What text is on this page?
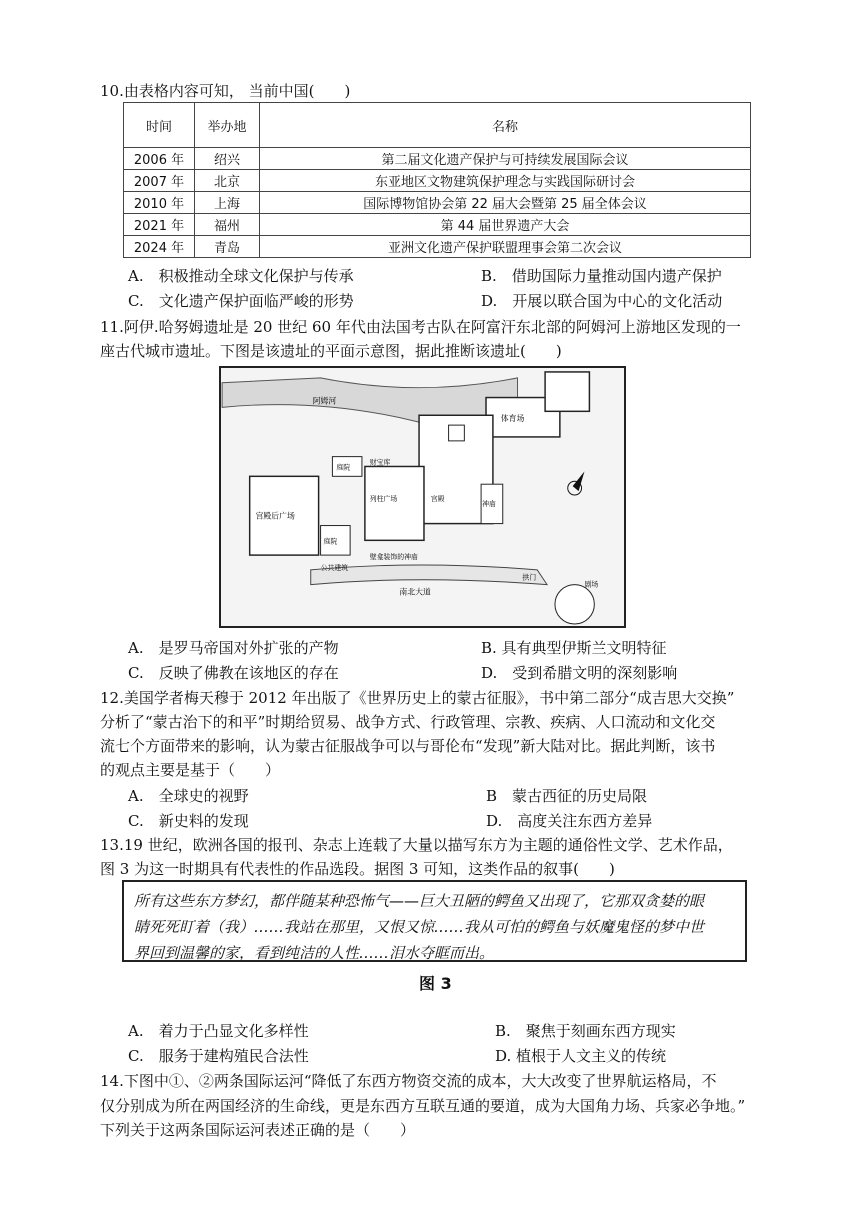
10.由表格内容可知， 当前中国(　　)
时间	举办地	名称
2006 年	绍兴	第二届文化遗产保护与可持续发展国际会议
2007 年	北京	东亚地区文物建筑保护理念与实践国际研讨会
2010 年	上海	国际博物馆协会第 22 届大会暨第 25 届全体会议
2021 年	福州	第 44 届世界遗产大会
2024 年	青岛	亚洲文化遗产保护联盟理事会第二次会议
A.　积极推动全球文化保护与传承	B.　借助国际力量推动国内遗产保护
C.　文化遗产保护面临严峻的形势	D.　开展以联合国为中心的文化活动
11.阿伊.哈努姆遗址是 20 世纪 60 年代由法国考古队在阿富汗东北部的阿姆河上游地区发现的一
座古代城市遗址。下图是该遗址的平面示意图，据此推断该遗址(　　)
阿姆河
体育场
庭院
财宝库
宫殿后广场
庭院
列柱广场	宫殿
神庙
南北大道
拱门
剧场
公共建筑
壁龛装饰的神庙
A.　是罗马帝国对外扩张的产物	B. 具有典型伊斯兰文明特征
C.　反映了佛教在该地区的存在	D.　受到希腊文明的深刻影响
12.美国学者梅天穆于 2012 年出版了《世界历史上的蒙古征服》，书中第二部分“成吉思大交换”
分析了“蒙古治下的和平”时期给贸易、战争方式、行政管理、宗教、疾病、人口流动和文化交
流七个方面带来的影响，认为蒙古征服战争可以与哥伦布“发现”新大陆对比。据此判断，该书
的观点主要是基于（　　）
A.　全球史的视野	B　蒙古西征的历史局限
C.　新史料的发现	D.　高度关注东西方差异
13.19 世纪，欧洲各国的报刊、杂志上连载了大量以描写东方为主题的通俗性文学、艺术作品，
图 3 为这一时期具有代表性的作品选段。据图 3 可知，这类作品的叙事(　　)
所有这些东方梦幻，都伴随某种恐怖气——巨大丑陋的鳄鱼又出现了，它那双贪婪的眼
睛死死盯着（我）……我站在那里，又恨又惊……我从可怕的鳄鱼与妖魔鬼怪的梦中世
界回到温馨的家，看到纯洁的人性……泪水夺眶而出。
图 3
A.　着力于凸显文化多样性	B.　聚焦于刻画东西方现实
C.　服务于建构殖民合法性	D. 植根于人文主义的传统
14.下图中①、②两条国际运河“降低了东西方物资交流的成本，大大改变了世界航运格局，不
仅分别成为所在两国经济的生命线，更是东西方互联互通的要道，成为大国角力场、兵家必争地。”
下列关于这两条国际运河表述正确的是（　　）
